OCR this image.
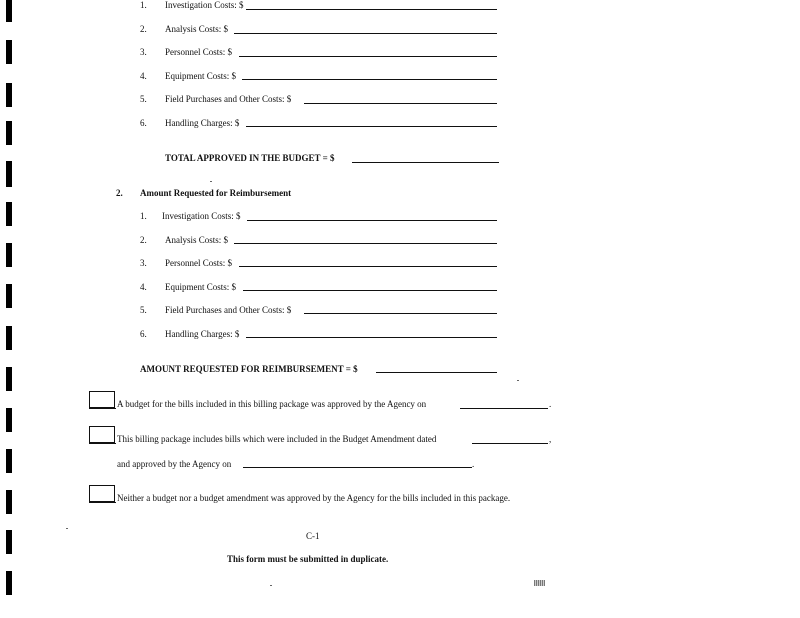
1. Investigation Costs: $
2. Analysis Costs: $
3. Personnel Costs: $
4. Equipment Costs: $
5. Field Purchases and Other Costs: $
6. Handling Charges: $
TOTAL APPROVED IN THE BUDGET = $
2. Amount Requested for Reimbursement
1. Investigation Costs: $
2. Analysis Costs: $
3. Personnel Costs: $
4. Equipment Costs: $
5. Field Purchases and Other Costs: $
6. Handling Charges: $
AMOUNT REQUESTED FOR REIMBURSEMENT = $
A budget for the bills included in this billing package was approved by the Agency on	.
This billing package includes bills which were included in the Budget Amendment dated	,
and approved by the Agency on	.
Neither a budget nor a budget amendment was approved by the Agency for the bills included in this package.
C-1
This form must be submitted in duplicate.
